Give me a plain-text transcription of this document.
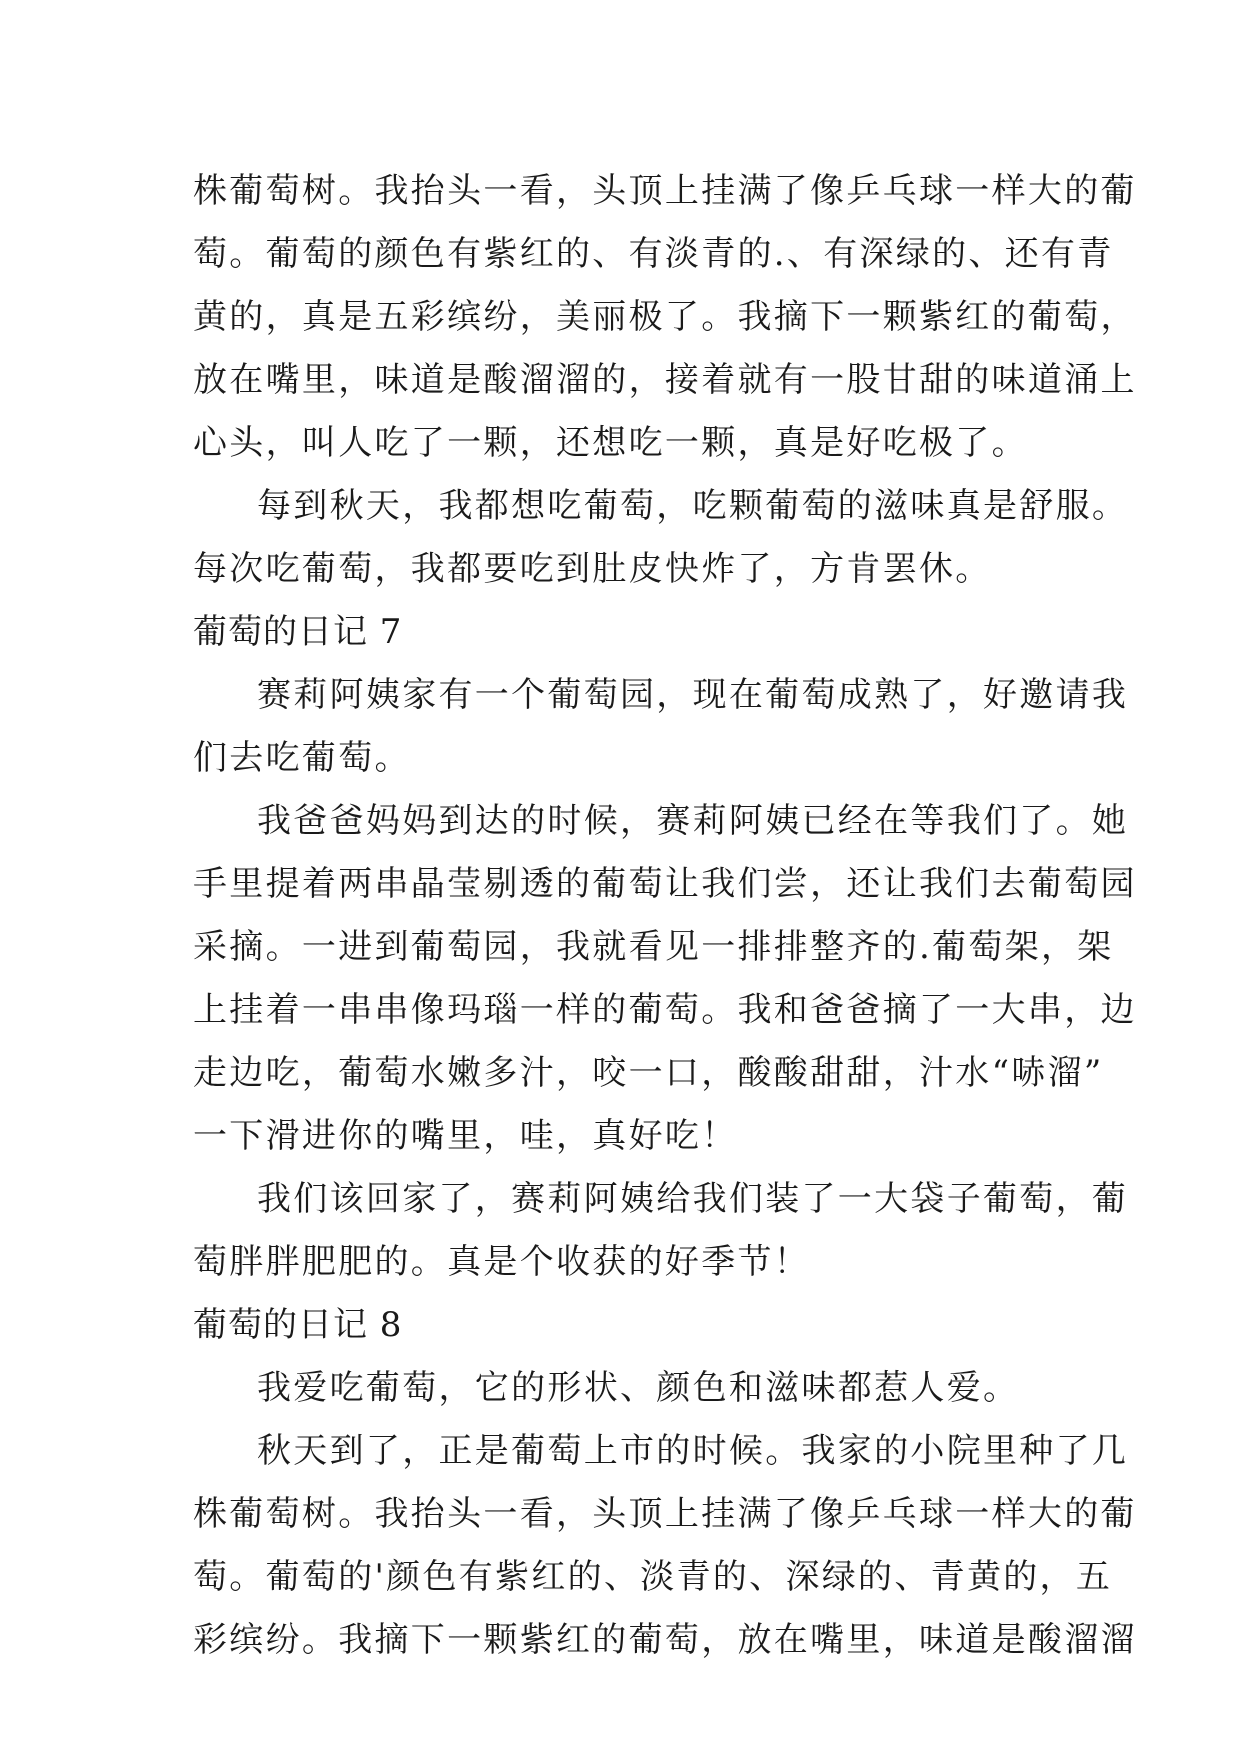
株葡萄树。我抬头一看，头顶上挂满了像乒乓球一样大的葡
萄。葡萄的颜色有紫红的、有淡青的.、有深绿的、还有青
黄的，真是五彩缤纷，美丽极了。我摘下一颗紫红的葡萄，
放在嘴里，味道是酸溜溜的，接着就有一股甘甜的味道涌上
心头，叫人吃了一颗，还想吃一颗，真是好吃极了。
每到秋天，我都想吃葡萄，吃颗葡萄的滋味真是舒服。
每次吃葡萄，我都要吃到肚皮快炸了，方肯罢休。
葡萄的日记 7
赛莉阿姨家有一个葡萄园，现在葡萄成熟了，好邀请我
们去吃葡萄。
我爸爸妈妈到达的时候，赛莉阿姨已经在等我们了。她
手里提着两串晶莹剔透的葡萄让我们尝，还让我们去葡萄园
采摘。一进到葡萄园，我就看见一排排整齐的.葡萄架，架
上挂着一串串像玛瑙一样的葡萄。我和爸爸摘了一大串，边
走边吃，葡萄水嫩多汁，咬一口，酸酸甜甜，汁水“哧溜”
一下滑进你的嘴里，哇，真好吃！
我们该回家了，赛莉阿姨给我们装了一大袋子葡萄，葡
萄胖胖肥肥的。真是个收获的好季节！
葡萄的日记 8
我爱吃葡萄，它的形状、颜色和滋味都惹人爱。
秋天到了，正是葡萄上市的时候。我家的小院里种了几
株葡萄树。我抬头一看，头顶上挂满了像乒乓球一样大的葡
萄。葡萄的'颜色有紫红的、淡青的、深绿的、青黄的，五
彩缤纷。我摘下一颗紫红的葡萄，放在嘴里，味道是酸溜溜
